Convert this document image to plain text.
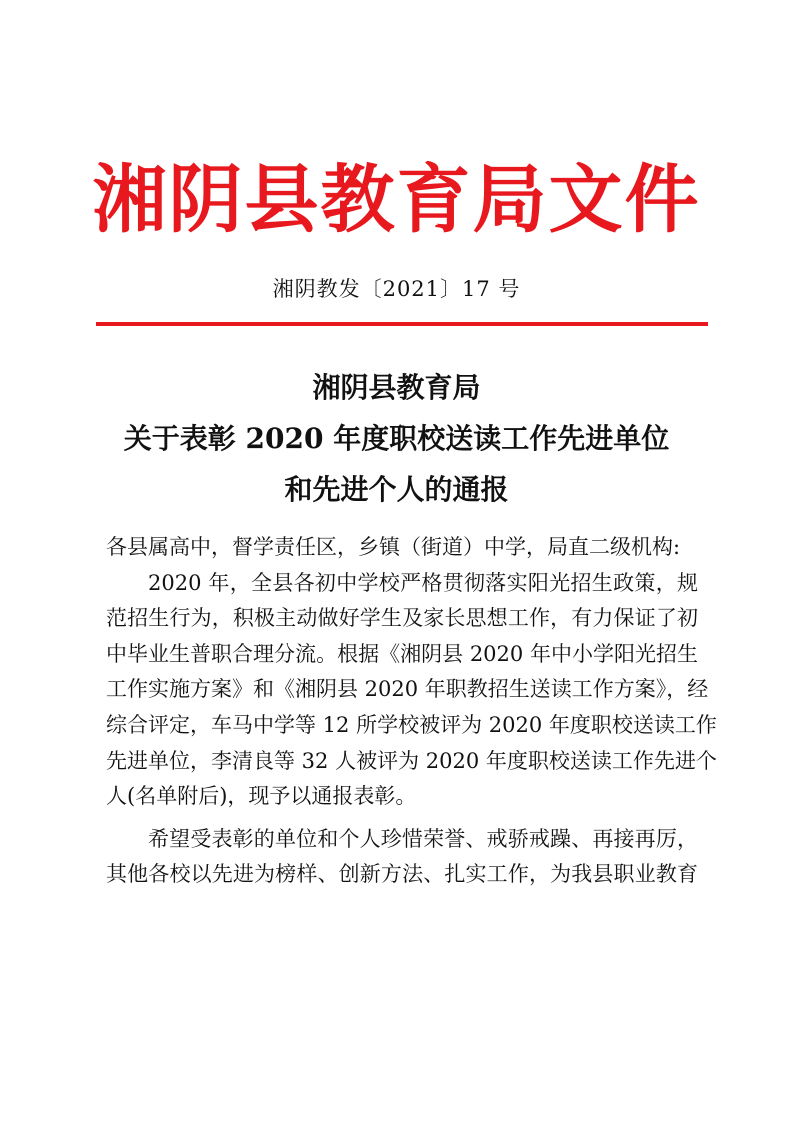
湘阴县教育局文件
湘阴教发〔2021〕17 号
湘阴县教育局
关于表彰 2020 年度职校送读工作先进单位
和先进个人的通报

各县属高中，督学责任区，乡镇（街道）中学，局直二级机构:

2020 年，全县各初中学校严格贯彻落实阳光招生政策，规
范招生行为，积极主动做好学生及家长思想工作，有力保证了初
中毕业生普职合理分流。根据《湘阴县 2020 年中小学阳光招生
工作实施方案》和《湘阴县 2020 年职教招生送读工作方案》，经
综合评定，车马中学等 12 所学校被评为 2020 年度职校送读工作
先进单位，李清良等 32 人被评为 2020 年度职校送读工作先进个
人(名单附后)，现予以通报表彰。

希望受表彰的单位和个人珍惜荣誉、戒骄戒躁、再接再厉，
其他各校以先进为榜样、创新方法、扎实工作，为我县职业教育
